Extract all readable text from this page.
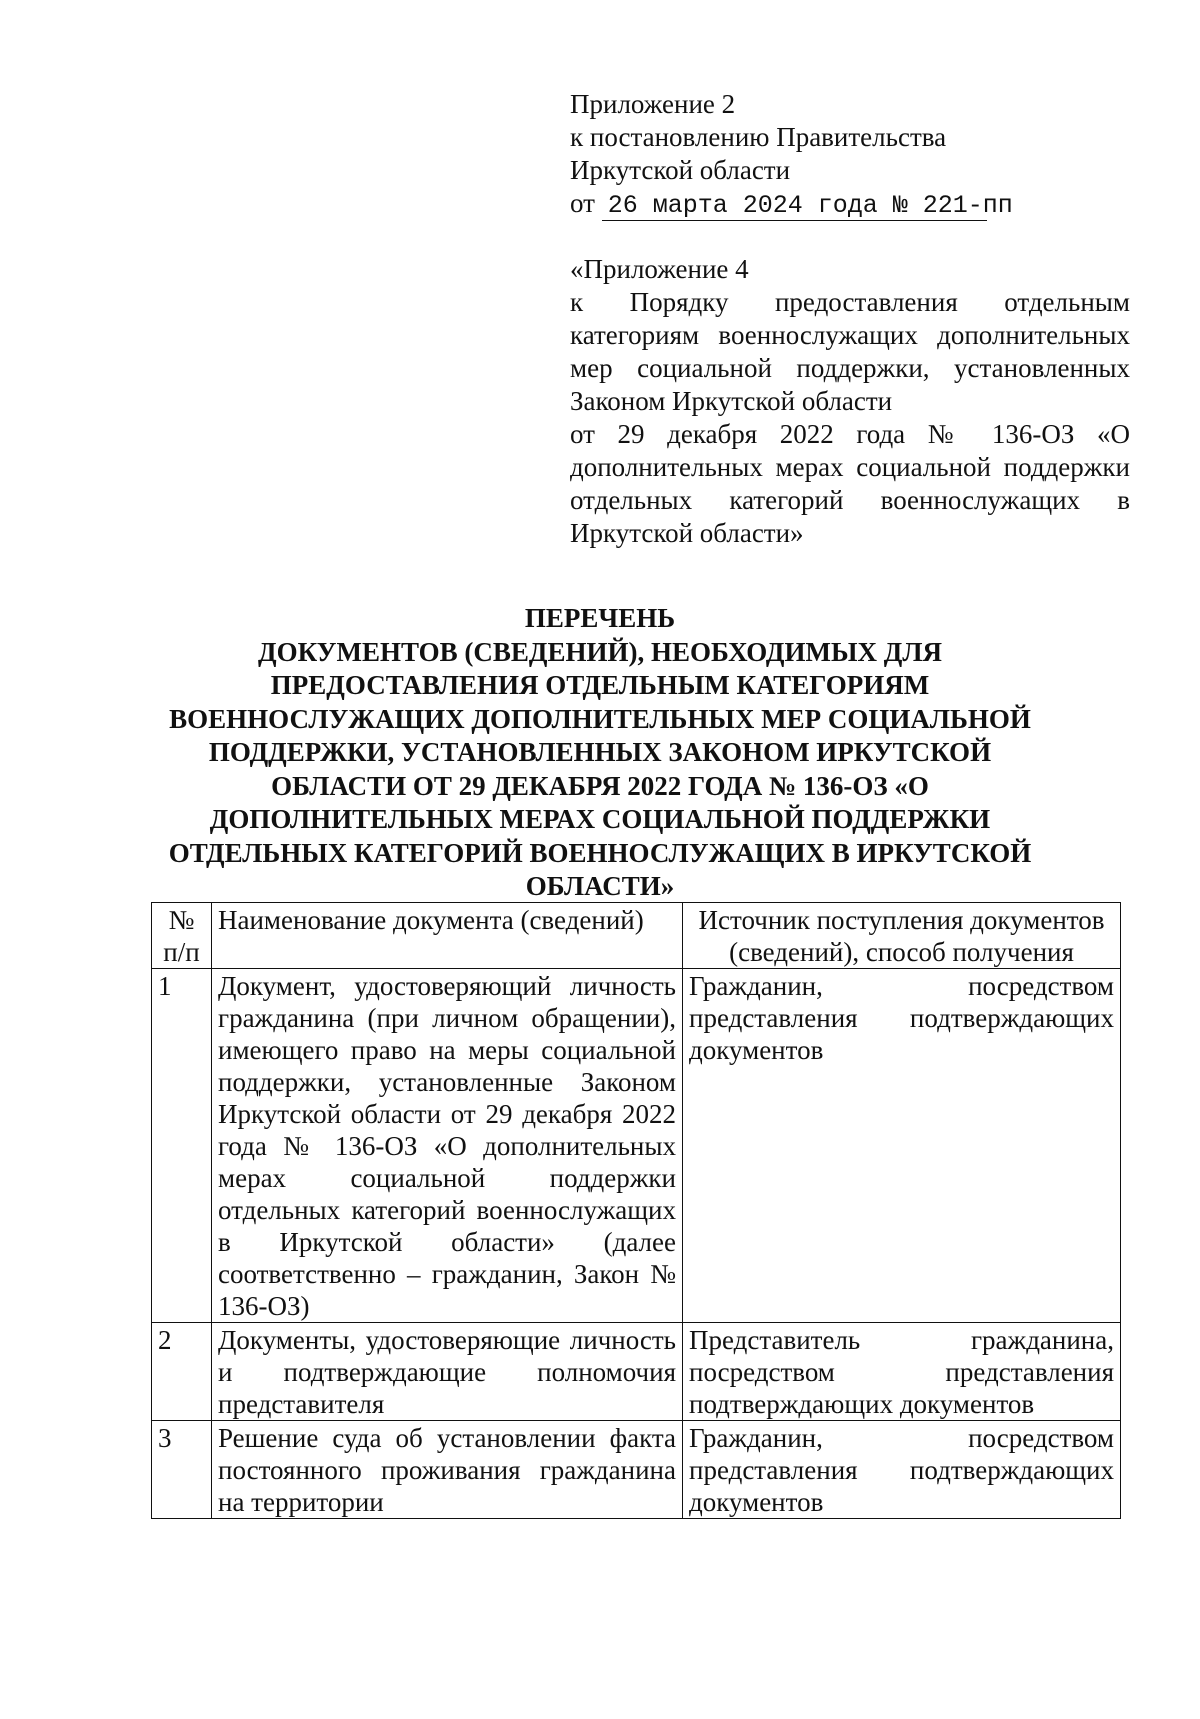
Приложение 2
к постановлению Правительства
Иркутской области
от 26 марта 2024 года № 221-пп

«Приложение 4

к Порядку предоставления отдельным категориям военнослужащих дополнительных мер социальной поддержки, установленных Законом Иркутской области

от 29 декабря 2022 года № 136-ОЗ «О дополнительных мерах социальной поддержки отдельных категорий военнослужащих в Иркутской области»

ПЕРЕЧЕНЬ
ДОКУМЕНТОВ (СВЕДЕНИЙ), НЕОБХОДИМЫХ ДЛЯ ПРЕДОСТАВЛЕНИЯ ОТДЕЛЬНЫМ КАТЕГОРИЯМ ВОЕННОСЛУЖАЩИХ ДОПОЛНИТЕЛЬНЫХ МЕР СОЦИАЛЬНОЙ ПОДДЕРЖКИ, УСТАНОВЛЕННЫХ ЗАКОНОМ ИРКУТСКОЙ ОБЛАСТИ ОТ 29 ДЕКАБРЯ 2022 ГОДА № 136-ОЗ «О ДОПОЛНИТЕЛЬНЫХ МЕРАХ СОЦИАЛЬНОЙ ПОДДЕРЖКИ ОТДЕЛЬНЫХ КАТЕГОРИЙ ВОЕННОСЛУЖАЩИХ В ИРКУТСКОЙ ОБЛАСТИ»
№ п/п	Наименование документа (сведений)	Источник поступления документов (сведений), способ получения
1	Документ, удостоверяющий личность гражданина (при личном обращении), имеющего право на меры социальной поддержки, установленные Законом Иркутской области от 29 декабря 2022 года № 136-ОЗ «О дополнительных мерах социальной поддержки отдельных категорий военнослужащих в Иркутской области» (далее соответственно – гражданин, Закон № 136-ОЗ)	Гражданин, посредством представления подтверждающих документов
2	Документы, удостоверяющие личность и подтверждающие полномочия представителя	Представитель гражданина, посредством представления подтверждающих документов
3	Решение суда об установлении факта постоянного проживания гражданина на территории	Гражданин, посредством представления подтверждающих документов
